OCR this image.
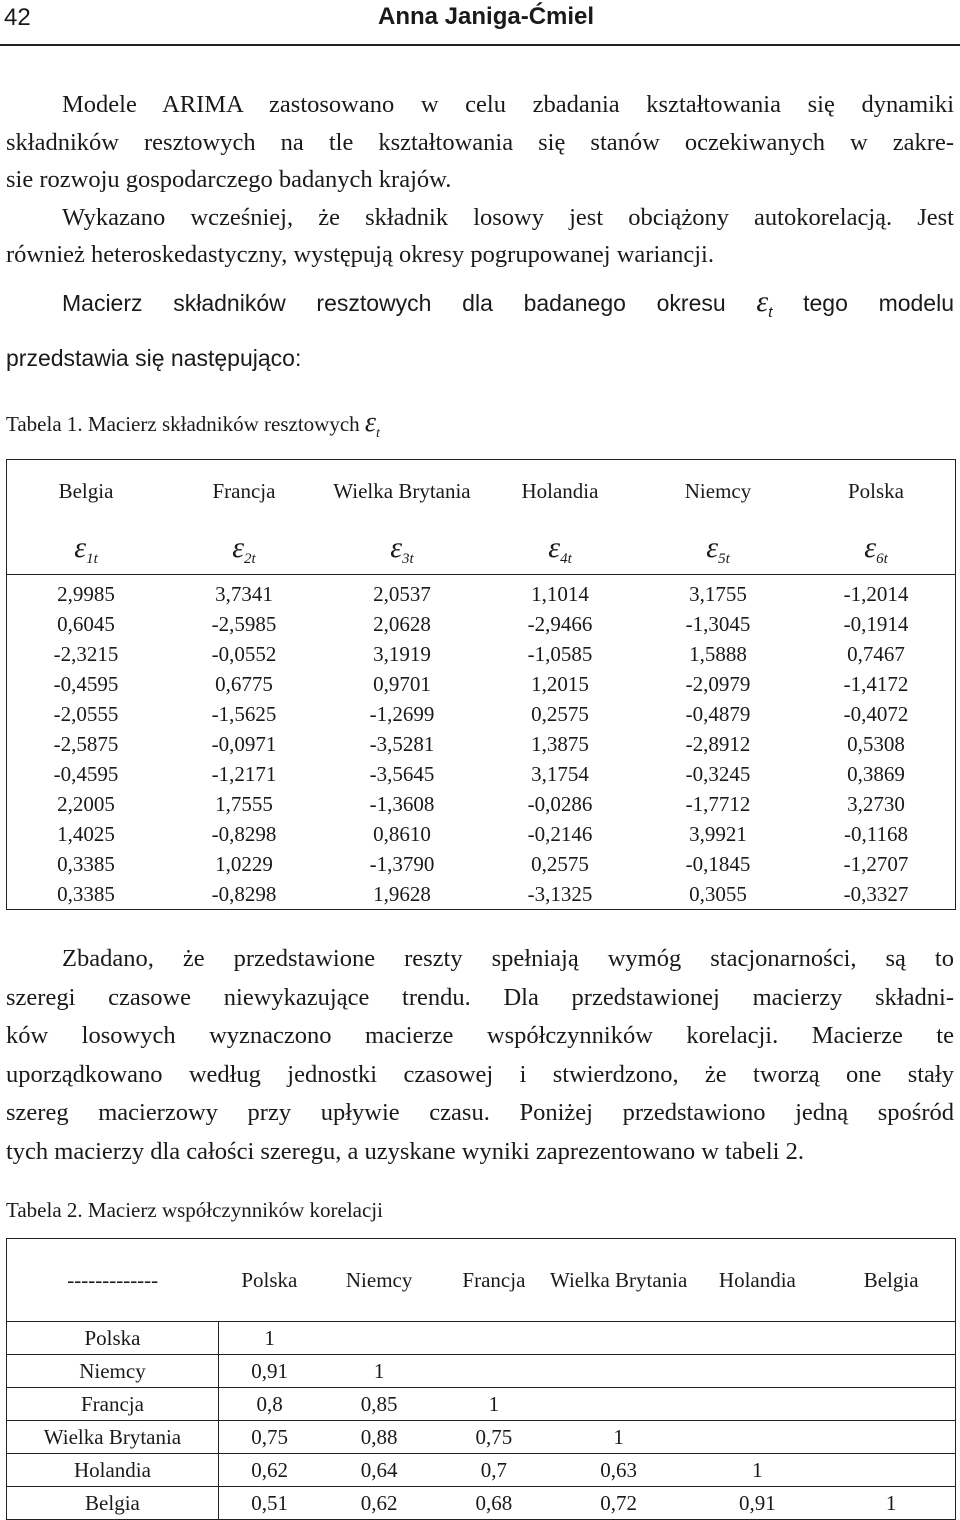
42	Anna Janiga-Ćmiel
Modele ARIMA zastosowano w celu zbadania kształtowania się dynamiki
składników resztowych na tle kształtowania się stanów oczekiwanych w zakre-
sie rozwoju gospodarczego badanych krajów.
Wykazano wcześniej, że składnik losowy jest obciążony autokorelacją. Jest
również heteroskedastyczny, występują okresy pogrupowanej wariancji.
Macierz składników resztowych dla badanego okresu $\varepsilon_t$ tego modelu
przedstawia się następująco:
Tabela 1. Macierz składników resztowych $\varepsilon_t$
Belgia	Francja	Wielka Brytania	Holandia	Niemcy	Polska
$\varepsilon_{1t}$	$\varepsilon_{2t}$	$\varepsilon_{3t}$	$\varepsilon_{4t}$	$\varepsilon_{5t}$	$\varepsilon_{6t}$
2,9985	3,7341	2,0537	1,1014	3,1755	-1,2014
0,6045	-2,5985	2,0628	-2,9466	-1,3045	-0,1914
-2,3215	-0,0552	3,1919	-1,0585	1,5888	0,7467
-0,4595	0,6775	0,9701	1,2015	-2,0979	-1,4172
-2,0555	-1,5625	-1,2699	0,2575	-0,4879	-0,4072
-2,5875	-0,0971	-3,5281	1,3875	-2,8912	0,5308
-0,4595	-1,2171	-3,5645	3,1754	-0,3245	0,3869
2,2005	1,7555	-1,3608	-0,0286	-1,7712	3,2730
1,4025	-0,8298	0,8610	-0,2146	3,9921	-0,1168
0,3385	1,0229	-1,3790	0,2575	-0,1845	-1,2707
0,3385	-0,8298	1,9628	-3,1325	0,3055	-0,3327
Zbadano, że przedstawione reszty spełniają wymóg stacjonarności, są to
szeregi czasowe niewykazujące trendu. Dla przedstawionej macierzy składni-
ków losowych wyznaczono macierze współczynników korelacji. Macierze te
uporządkowano według jednostki czasowej i stwierdzono, że tworzą one stały
szereg macierzowy przy upływie czasu. Poniżej przedstawiono jedną spośród
tych macierzy dla całości szeregu, a uzyskane wyniki zaprezentowano w tabeli 2.
Tabela 2. Macierz współczynników korelacji
-------------	Polska	Niemcy	Francja	Wielka Brytania	Holandia	Belgia
Polska	1					
Niemcy	0,91	1				
Francja	0,8	0,85	1			
Wielka Brytania	0,75	0,88	0,75	1		
Holandia	0,62	0,64	0,7	0,63	1	
Belgia	0,51	0,62	0,68	0,72	0,91	1
